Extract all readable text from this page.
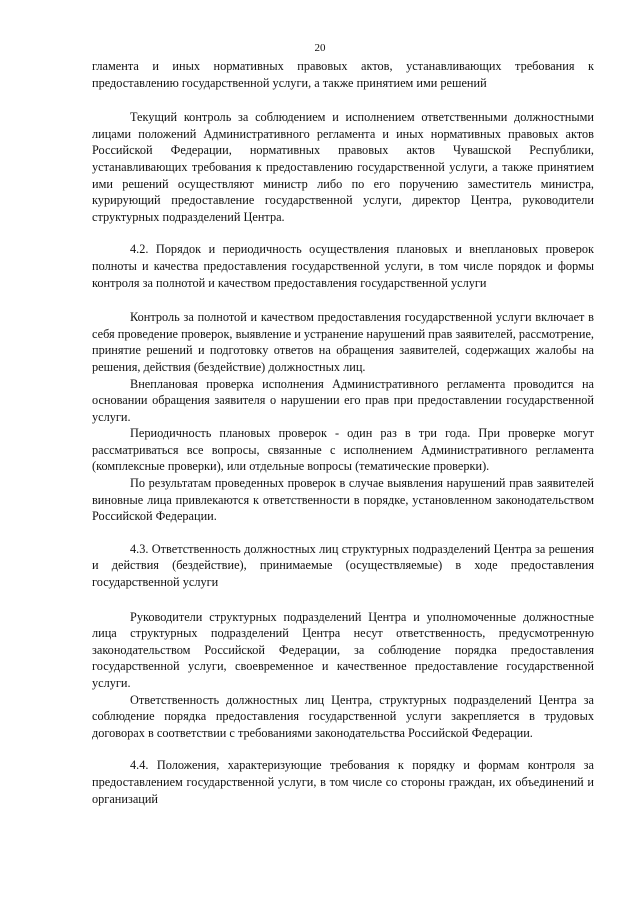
20

гламента и иных нормативных правовых актов, устанавливающих требования к предоставлению государственной услуги, а также принятием ими решений

Текущий контроль за соблюдением и исполнением ответственными должностными лицами положений Административного регламента и иных нормативных правовых актов Российской Федерации, нормативных правовых актов Чувашской Республики, устанавливающих требования к предоставлению государственной услуги, а также принятием ими решений осуществляют министр либо по его поручению заместитель министра, курирующий предоставление государственной услуги, директор Центра, руководители структурных подразделений Центра.

4.2. Порядок и периодичность осуществления плановых и внеплановых проверок полноты и качества предоставления государственной услуги, в том числе порядок и формы контроля за полнотой и качеством предоставления государственной услуги

Контроль за полнотой и качеством предоставления государственной услуги включает в себя проведение проверок, выявление и устранение нарушений прав заявителей, рассмотрение, принятие решений и подготовку ответов на обращения заявителей, содержащих жалобы на решения, действия (бездействие) должностных лиц.

Внеплановая проверка исполнения Административного регламента проводится на основании обращения заявителя о нарушении его прав при предоставлении государственной услуги.

Периодичность плановых проверок - один раз в три года. При проверке могут рассматриваться все вопросы, связанные с исполнением Административного регламента (комплексные проверки), или отдельные вопросы (тематические проверки).

По результатам проведенных проверок в случае выявления нарушений прав заявителей виновные лица привлекаются к ответственности в порядке, установленном законодательством Российской Федерации.

4.3. Ответственность должностных лиц структурных подразделений Центра за решения и действия (бездействие), принимаемые (осуществляемые) в ходе предоставления государственной услуги

Руководители структурных подразделений Центра и уполномоченные должностные лица структурных подразделений Центра несут ответственность, предусмотренную законодательством Российской Федерации, за соблюдение порядка предоставления государственной услуги, своевременное и качественное предоставление государственной услуги.

Ответственность должностных лиц Центра, структурных подразделений Центра за соблюдение порядка предоставления государственной услуги закрепляется в трудовых договорах в соответствии с требованиями законодательства Российской Федерации.

4.4. Положения, характеризующие требования к порядку и формам контроля за предоставлением государственной услуги, в том числе со стороны граждан, их объединений и организаций
